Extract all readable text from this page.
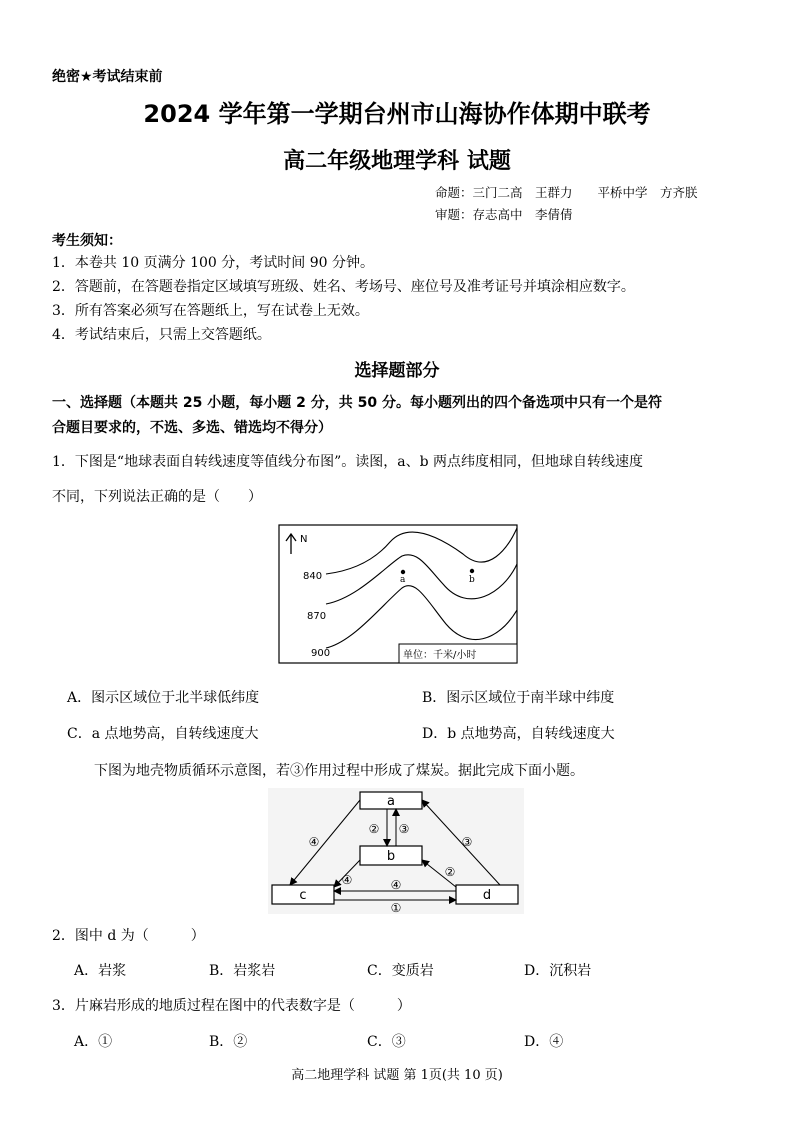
绝密★考试结束前
2024 学年第一学期台州市山海协作体期中联考
高二年级地理学科 试题
命题：三门二高　王群力　　平桥中学　方齐朕
审题：存志高中　李倩倩
考生须知：
1．本卷共 10 页满分 100 分，考试时间 90 分钟。
2．答题前，在答题卷指定区域填写班级、姓名、考场号、座位号及准考证号并填涂相应数字。
3．所有答案必须写在答题纸上，写在试卷上无效。
4．考试结束后，只需上交答题纸。
选择题部分
一、选择题（本题共 25 小题，每小题 2 分，共 50 分。每小题列出的四个备选项中只有一个是符
合题目要求的，不选、多选、错选均不得分）
1．下图是“地球表面自转线速度等值线分布图”。读图，a、b 两点纬度相同，但地球自转线速度
不同，下列说法正确的是（　　）
N
840
870
900
a	b
单位：千米/小时
A．图示区域位于北半球低纬度	B．图示区域位于南半球中纬度
C．a 点地势高，自转线速度大	D．b 点地势高，自转线速度大
下图为地壳物质循环示意图，若③作用过程中形成了煤炭。据此完成下面小题。
a
b
c	d
④
② ③
③
④
②
④
①
2．图中 d 为（　　　）
A．岩浆	B．岩浆岩	C．变质岩	D．沉积岩
3．片麻岩形成的地质过程在图中的代表数字是（　　　）
A．①	B．②	C．③	D．④
高二地理学科 试题 第 1页(共 10 页)
